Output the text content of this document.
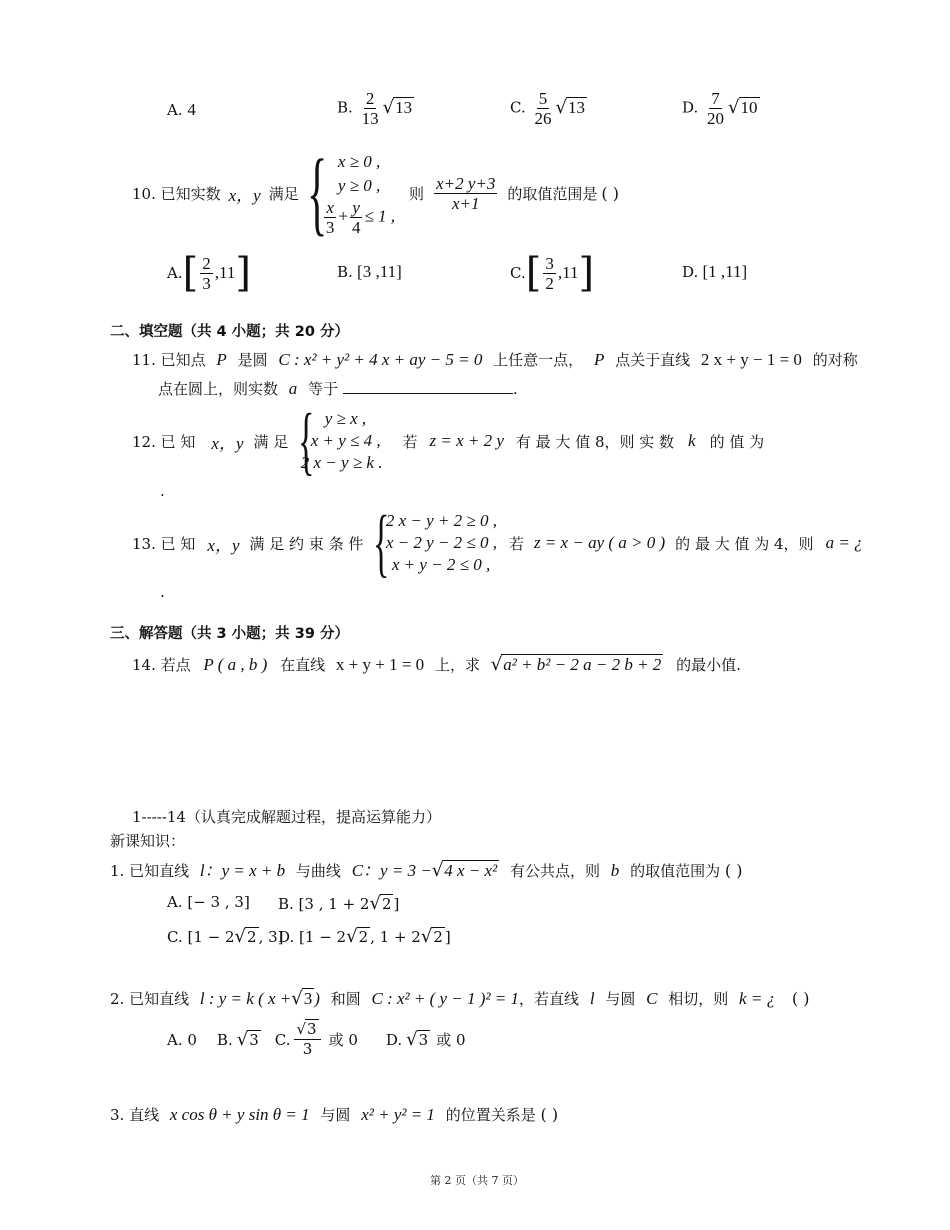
A. 4	B. $\frac{2}{13} √13$	C. $\frac{5}{26} √13$	D. $\frac{7}{20} √10$
10. 已知实数 x，y 满足 { x ≥ 0 ,
y ≥ 0 ,
$\frac{x}{3} + \frac{y}{4} \le 1$ ,
则 $\frac{x+2 y+3}{x+1}$ 的取值范围是 ( )
A. [ $\frac{2}{3} ,11$ ]	B. [3 ,11]	C. [ $\frac{3}{2} ,11$ ]	D. [1 ,11]
二、填空题（共 4 小题；共 20 分）
11. 已知点 P 是圆 C : x² + y² + 4 x + ay − 5 = 0 上任意一点， P 点关于直线 2 x + y − 1 = 0 的对称
点在圆上，则实数 a 等于	.
12. 已 知 x，y 满 足 { y ≥ x ,
x + y ≤ 4 ,
2 x − y ≥ k .
若 z = x + 2 y 有 最 大 值 8，则 实 数 k 的 值 为
.
13. 已 知 x，y 满 足 约 束 条 件 {
2 x − y + 2 ≥ 0 ,
x − 2 y − 2 ≤ 0 ,
x + y − 2 ≤ 0 ,
若 z = x − ay ( a > 0 ) 的 最 大 值 为 4，则 a = ¿
.
三、解答题（共 3 小题；共 39 分）
14. 若点 P ( a , b ) 在直线 x + y + 1 = 0 上，求 √a² + b² − 2 a − 2 b + 2 的最小值.
1-----14（认真完成解题过程，提高运算能力）
新课知识：
1. 已知直线 l：y = x + b 与曲线 C：y = 3 −√4 x − x² 有公共点，则 b 的取值范围为 ( )
A. [− 3 , 3] B. [3 , 1 + 2√2 ]
C. [1 − 2√2 , 3]
D. [1 − 2√2 , 1 + 2√2 ]
2. 已知直线 l : y = k ( x +√3 ) 和圆 C : x² + ( y − 1 )² = 1，若直线 l 与圆 C 相切，则 k = ¿ ( )
A. 0 B. √ 3 C. $\frac{√3}{3}$ 或 0 D. √ 3 或 0
3. 直线 x cos θ + y sin θ = 1 与圆 x² + y² = 1 的位置关系是 ( )
第 2 页（共 7 页）
